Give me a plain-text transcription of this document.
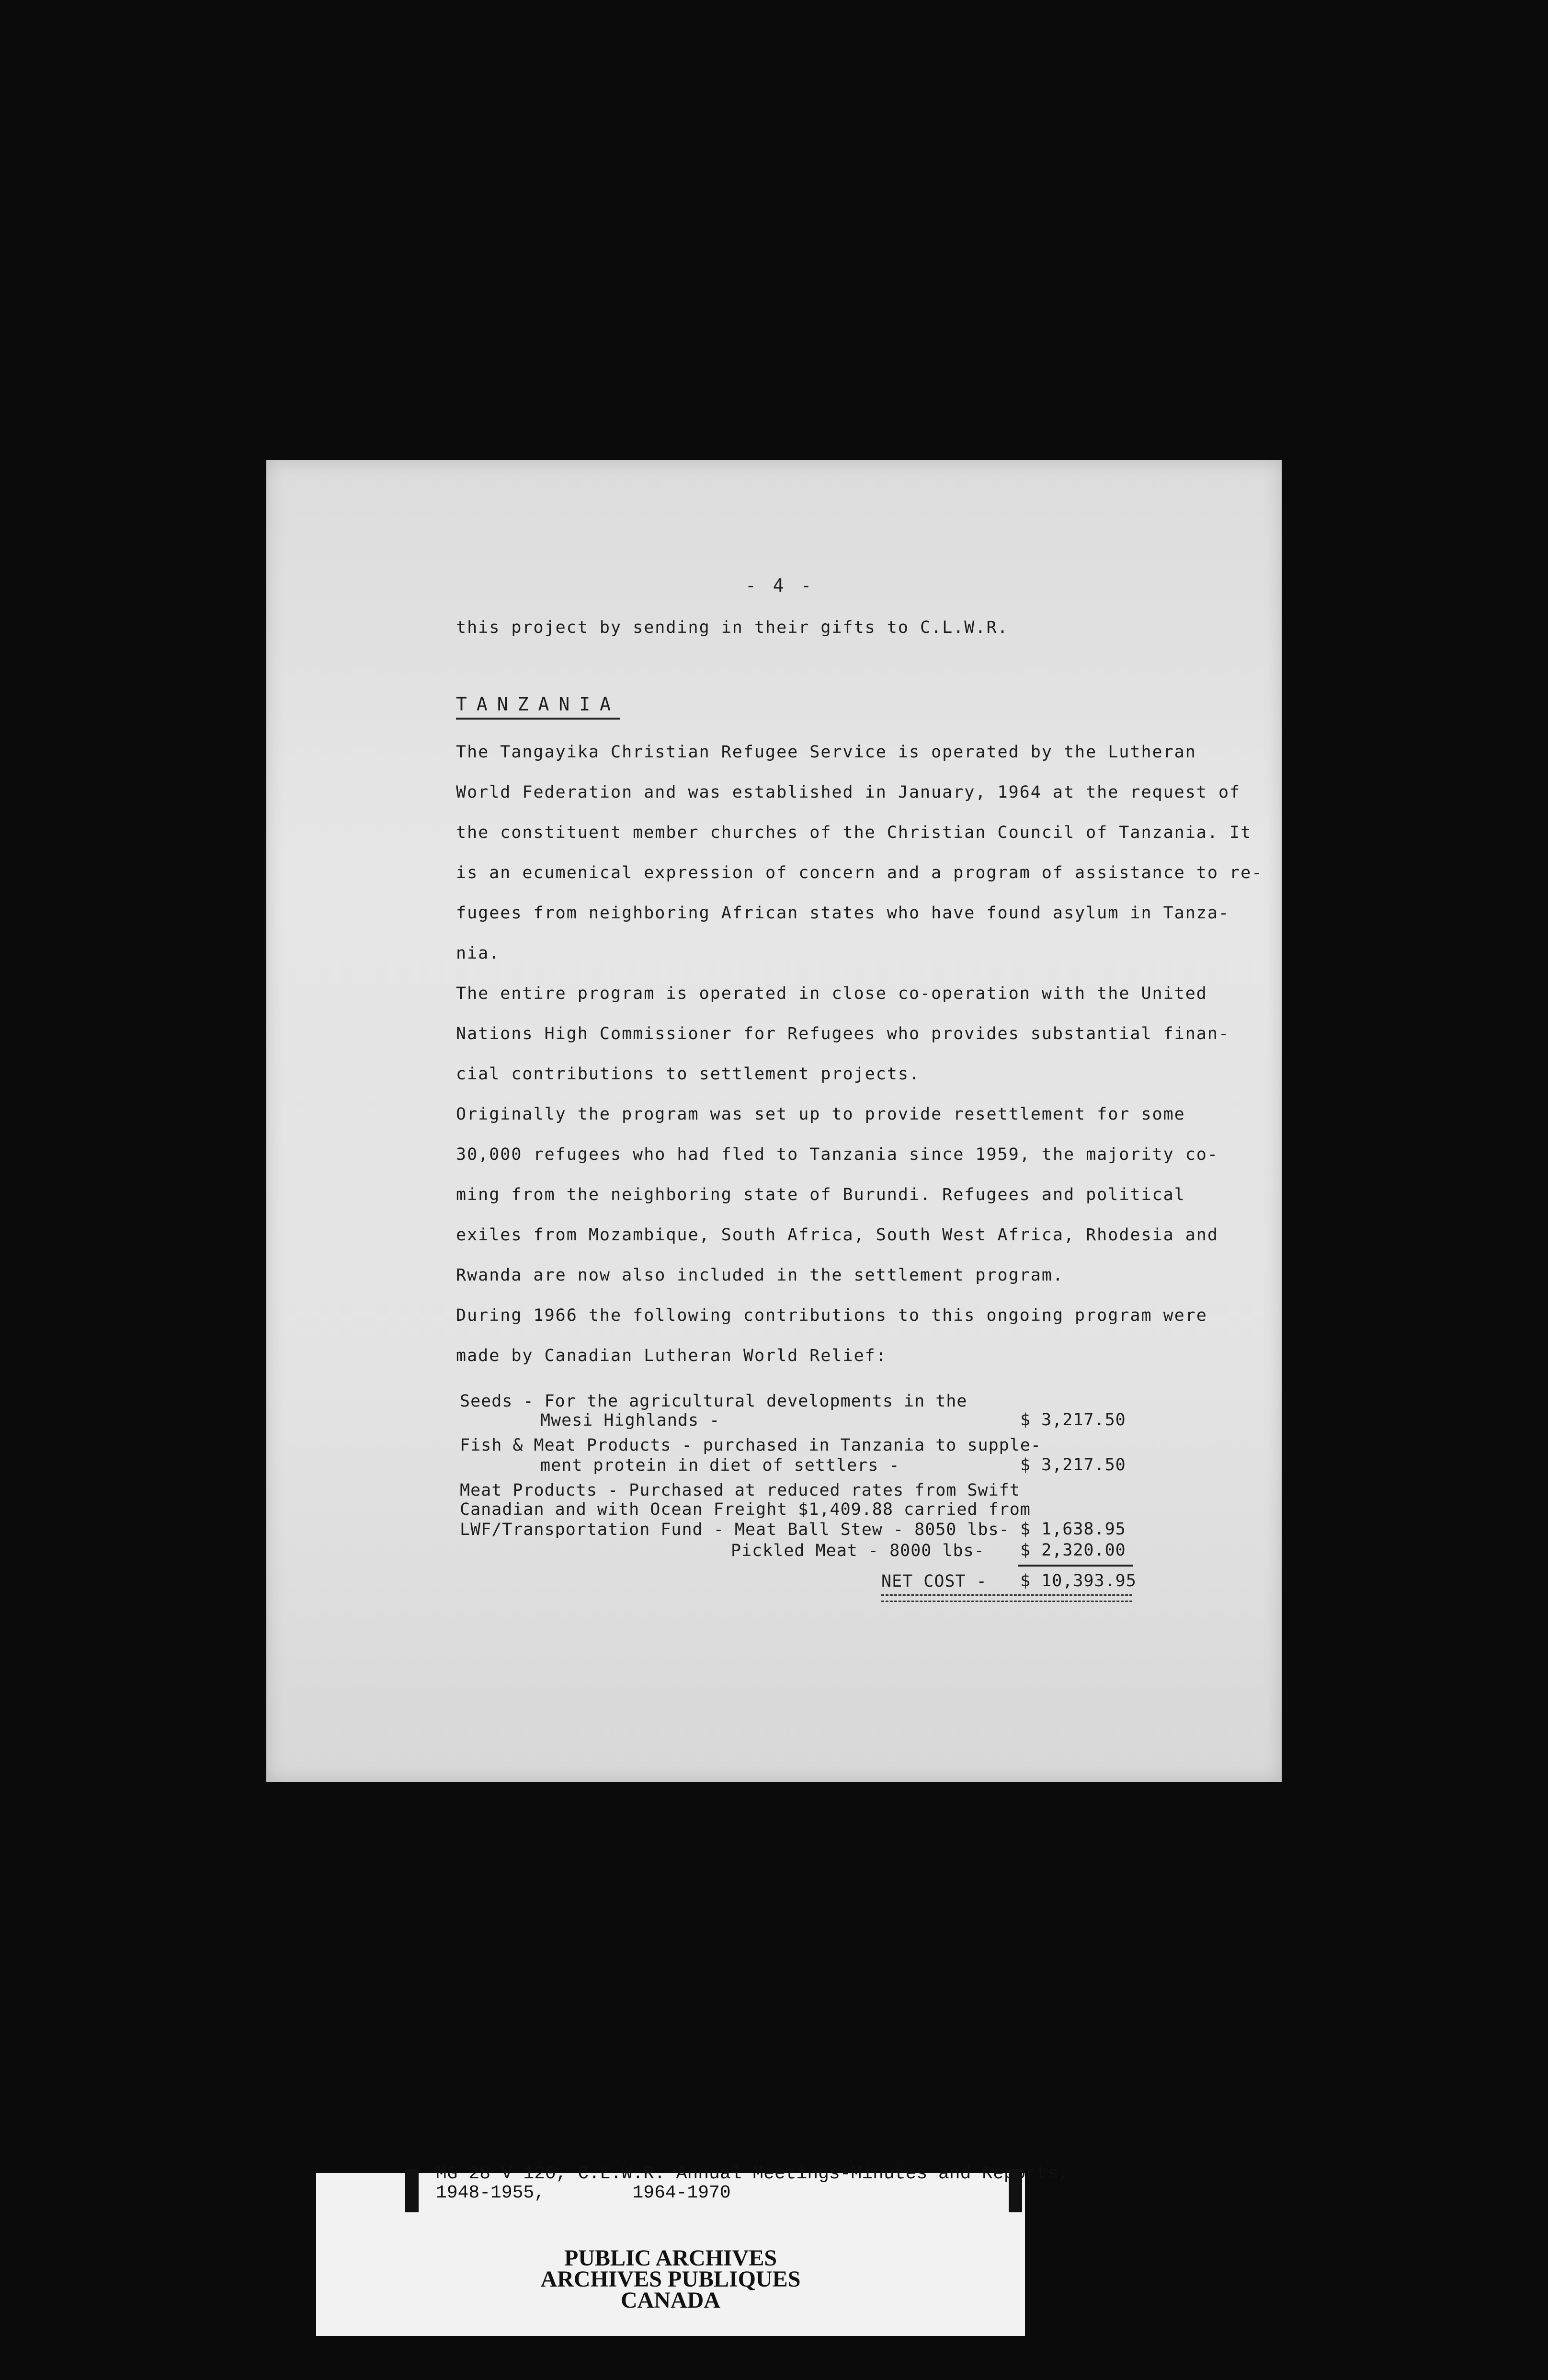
- 4 -
this project by sending in their gifts to C.L.W.R.
TANZANIA
The Tangayika Christian Refugee Service is operated by the Lutheran
World Federation and was established in January, 1964 at the request of
the constituent member churches of the Christian Council of Tanzania. It
is an ecumenical expression of concern and a program of assistance to re-
fugees from neighboring African states who have found asylum in Tanza-
nia.
The entire program is operated in close co-operation with the United
Nations High Commissioner for Refugees who provides substantial finan-
cial contributions to settlement projects.
Originally the program was set up to provide resettlement for some
30,000 refugees who had fled to Tanzania since 1959, the majority co-
ming from the neighboring state of Burundi. Refugees and political
exiles from Mozambique, South Africa, South West Africa, Rhodesia and
Rwanda are now also included in the settlement program.
During 1966 the following contributions to this ongoing program were
made by Canadian Lutheran World Relief:
Seeds - For the agricultural developments in the
Mwesi Highlands -	$ 3,217.50
Fish & Meat Products - purchased in Tanzania to supple-
ment protein in diet of settlers -	$ 3,217.50
Meat Products - Purchased at reduced rates from Swift
Canadian and with Ocean Freight $1,409.88 carried from
LWF/Transportation Fund - Meat Ball Stew - 8050 lbs- $ 1,638.95
Pickled Meat - 8000 lbs- $ 2,320.00
NET COST - $ 10,393.95
PUBLIC ARCHIVES
ARCHIVES PUBLIQUES
CANADA
MG 28 V 120, C.L.W.R. Annual Meetings-Minutes and Reports,
1948-1955,        1964-1970
